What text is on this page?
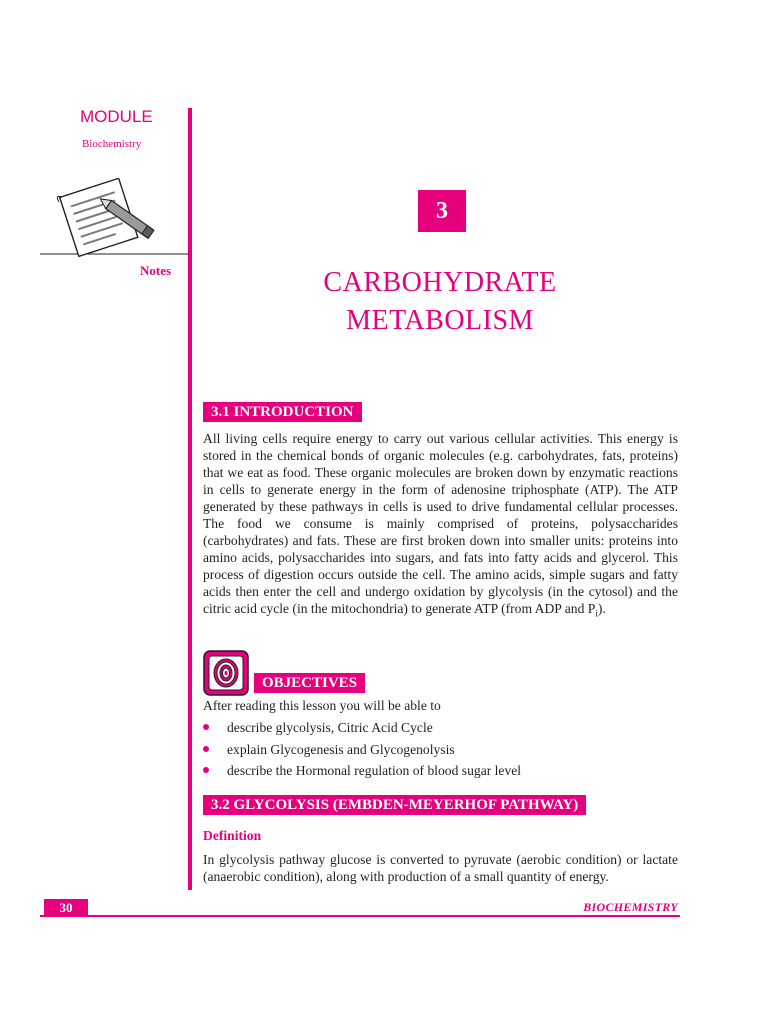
MODULE
Biochemistry
Notes
3
CARBOHYDRATE
METABOLISM
3.1 INTRODUCTION
All living cells require energy to carry out various cellular activities. This energy is stored in the chemical bonds of organic molecules (e.g. carbohydrates, fats, proteins) that we eat as food. These organic molecules are broken down by enzymatic reactions in cells to generate energy in the form of adenosine triphosphate (ATP). The ATP generated by these pathways in cells is used to drive fundamental cellular processes. The food we consume is mainly comprised of proteins, polysaccharides (carbohydrates) and fats. These are first broken down into smaller units: proteins into amino acids, polysaccharides into sugars, and fats into fatty acids and glycerol. This process of digestion occurs outside the cell. The amino acids, simple sugars and fatty acids then enter the cell and undergo oxidation by glycolysis (in the cytosol) and the citric acid cycle (in the mitochondria) to generate ATP (from ADP and $P_i$).
OBJECTIVES
After reading this lesson you will be able to
describe glycolysis, Citric Acid Cycle
explain Glycogenesis and Glycogenolysis
describe the Hormonal regulation of blood sugar level
3.2 GLYCOLYSIS (EMBDEN-MEYERHOF PATHWAY)
Definition
In glycolysis pathway glucose is converted to pyruvate (aerobic condition) or lactate (anaerobic condition), along with production of a small quantity of energy.
30	BIOCHEMISTRY
